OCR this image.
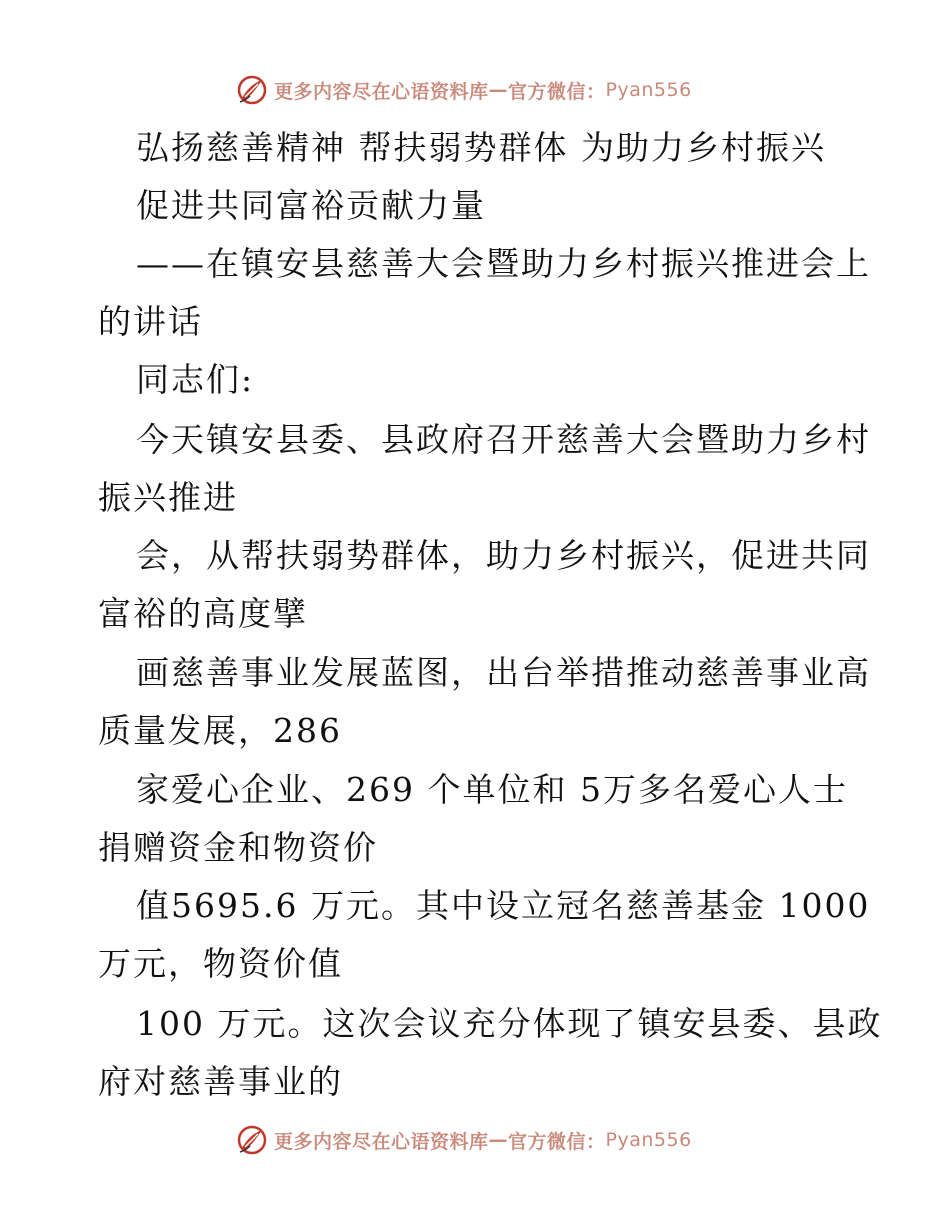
更多内容尽在心语资料库 — 官方微信： Pyan556
弘扬慈善精神 帮扶弱势群体 为助力乡村振兴
促进共同富裕贡献力量
——在镇安县慈善大会暨助力乡村振兴推进会上
的讲话
同志们:
今天镇安县委、县政府召开慈善大会暨助力乡村
振兴推进
会，从帮扶弱势群体，助力乡村振兴，促进共同
富裕的高度擘
画慈善事业发展蓝图，出台举措推动慈善事业高
质量发展，286
家爱心企业、269 个单位和 5万多名爱心人士
捐赠资金和物资价
值5695.6 万元。其中设立冠名慈善基金 1000
万元，物资价值
100 万元。这次会议充分体现了镇安县委、县政
府对慈善事业的
更多内容尽在心语资料库 — 官方微信： Pyan556
